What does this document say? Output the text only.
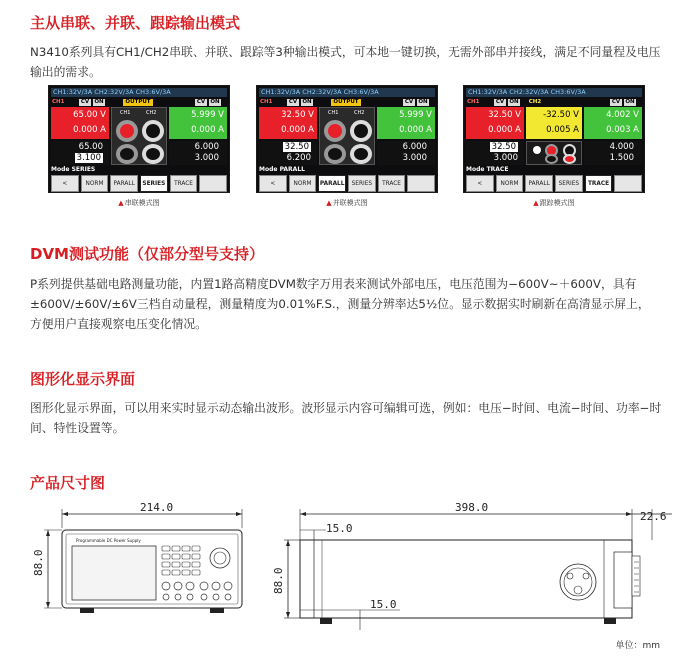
主从串联、并联、跟踪输出模式

N3410系列具有CH1/CH2串联、并联、跟踪等3种输出模式，可本地一键切换，无需外部串并接线，满足不同量程及电压
输出的需求。

CH1:32V/3A CH2:32V/3A CH3:6V/3A
CH1	CV ON	OUTPUT	CV ON
65.00 V
0.000 A
65.00
3.100
CH1	CH2	5.999 V
0.000 A
6.000
3.000
Mode SERIES
<	NORM	PARALL	SERIES	TRACE
▲串联模式图
CH1:32V/3A CH2:32V/3A CH3:6V/3A
CH1	CV ON	OUTPUT	CV ON
32.50 V
0.000 A
32.50
6.200
CH1	CH2	5.999 V
0.000 A
6.000
3.000
Mode PARALL
<	NORM	PARALL	SERIES	TRACE
▲并联模式图
CH1:32V/3A CH2:32V/3A CH3:6V/3A
CH1	CV ON CH2	CV ON
32.50 V
0.000 A
32.50
3.000
-32.50 V
0.005 A
4.002 V
0.003 A
4.000
1.500
Mode TRACE
<	NORM	PARALL	SERIES	TRACE
▲跟踪模式图
DVM测试功能（仅部分型号支持）

P系列提供基础电路测量功能，内置1路高精度DVM数字万用表来测试外部电压，电压范围为−600V~＋600V，具有
±600V/±60V/±6V三档自动量程，测量精度为0.01%F.S.，测量分辨率达5½位。显示数据实时刷新在高清显示屏上，
方便用户直接观察电压变化情况。

图形化显示界面

图形化显示界面，可以用来实时显示动态输出波形。波形显示内容可编辑可选，例如：电压−时间、电流−时间、功率−时
间、特性设置等。

产品尺寸图
214.0
88.0
Programmable DC Power Supply
398.0
22.6
15.0
88.0
15.0
单位：mm
